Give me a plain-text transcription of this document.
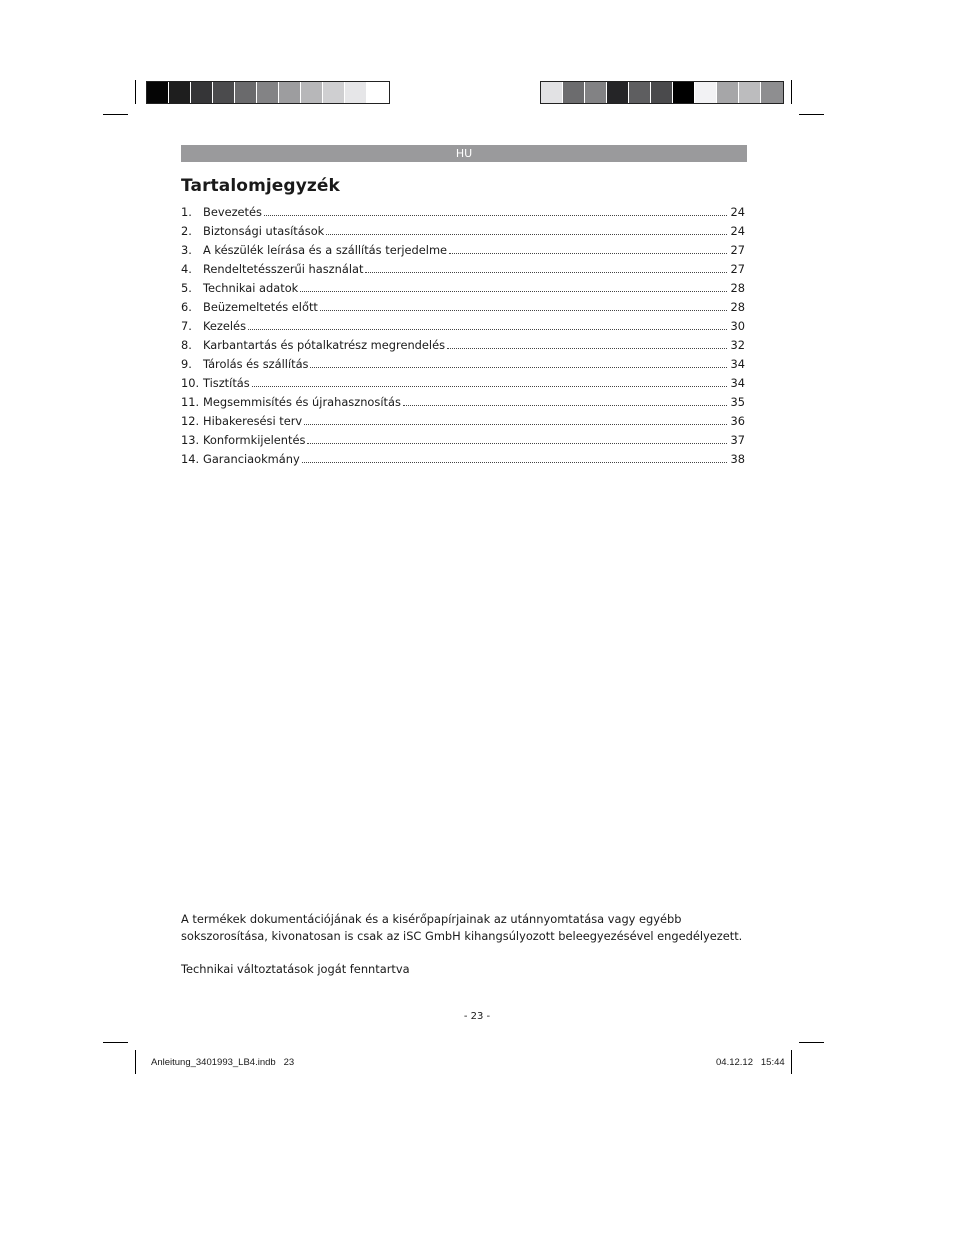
HU
Tartalomjegyzék
1. Bevezetés	24
2. Biztonsági utasítások	24
3. A készülék leírása és a szállítás terjedelme	27
4. Rendeltetésszerűi használat	27
5. Technikai adatok	28
6. Beüzemeltetés előtt	28
7. Kezelés	30
8. Karbantartás és pótalkatrész megrendelés	32
9. Tárolás és szállítás	34
10. Tisztítás	34
11. Megsemmisítés és újrahasznosítás	35
12. Hibakeresési terv	36
13. Konformkijelentés	37
14. Garanciaokmány	38
A termékek dokumentációjának és a kisérőpapírjainak az utánnyomtatása vagy egyébb sokszorosítása, kivonatosan is csak az iSC GmbH kihangsúlyozott beleegyezésével engedélyezett.
Technikai változtatások jogát fenntartva
- 23 -
Anleitung_3401993_LB4.indb   23	04.12.12   15:44
